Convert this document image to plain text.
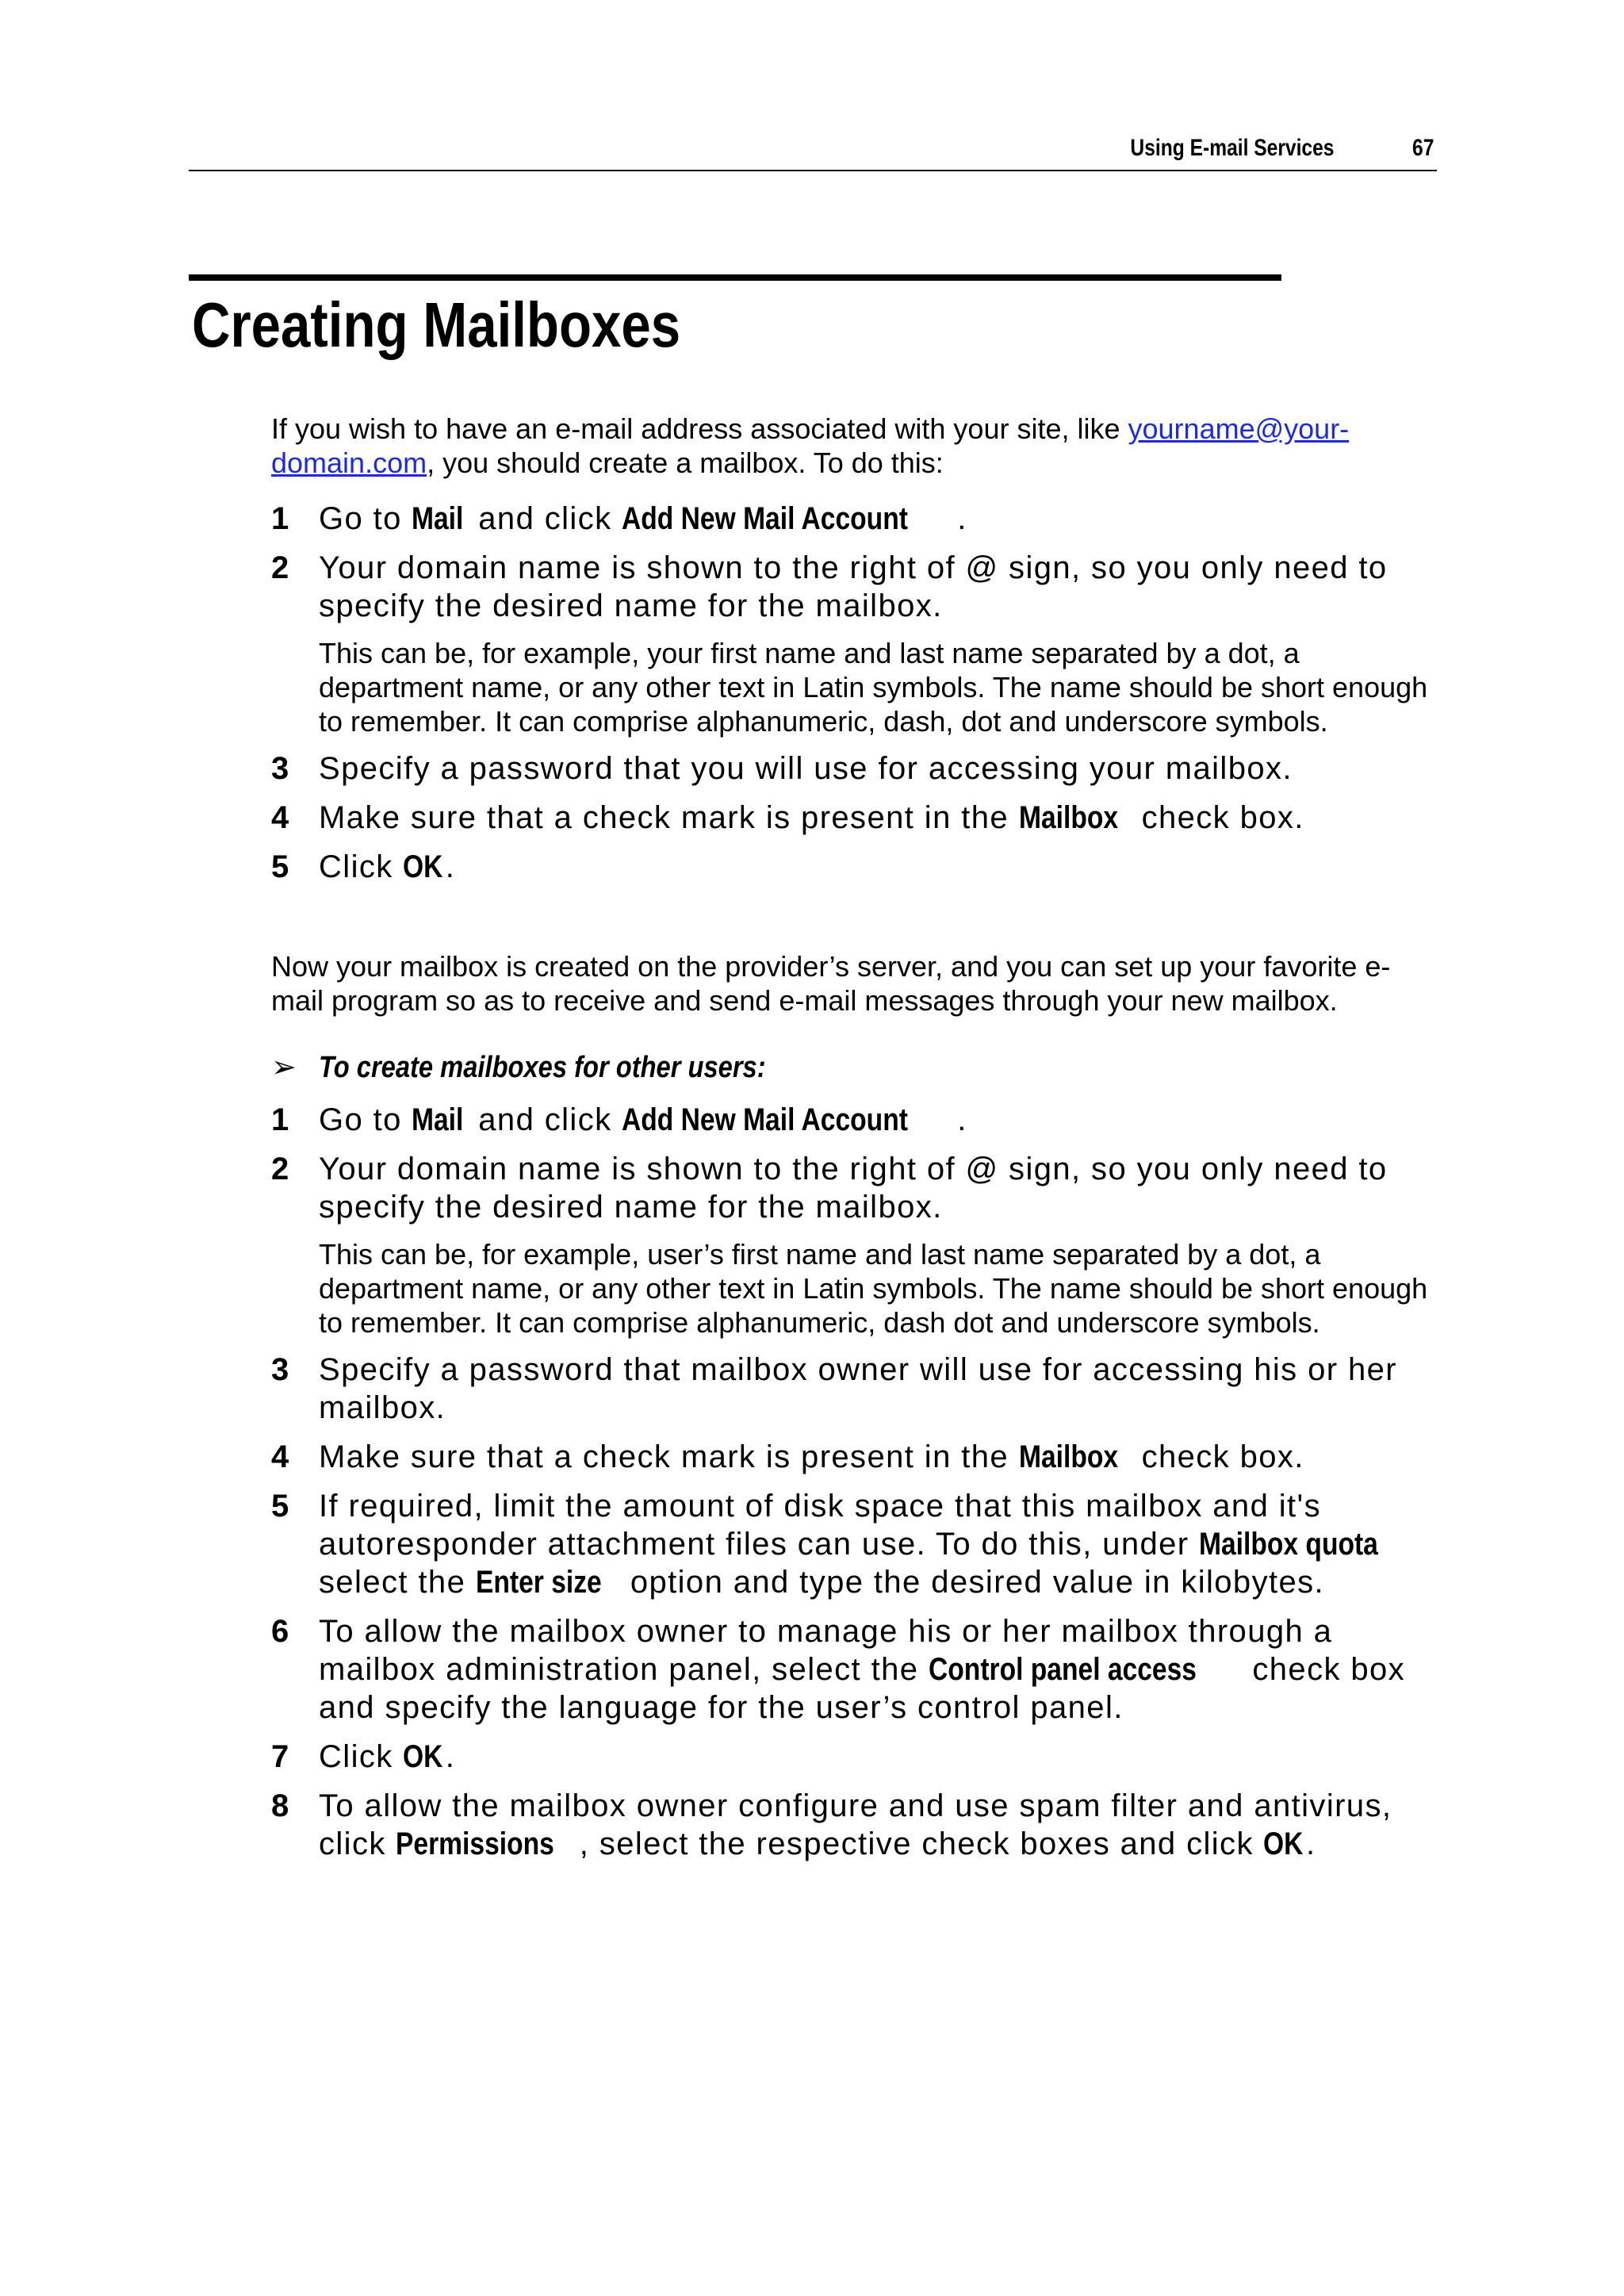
Using E-mail Services	67
Creating Mailboxes

If you wish to have an e-mail address associated with your site, like yourname@your-domain.com, you should create a mailbox. To do this:

1 Go to Mail and click Add New Mail Account .
2 Your domain name is shown to the right of @ sign, so you only need to specify the desired name for the mailbox.
This can be, for example, your first name and last name separated by a dot, a department name, or any other text in Latin symbols. The name should be short enough to remember. It can comprise alphanumeric, dash, dot and underscore symbols.
3 Specify a password that you will use for accessing your mailbox.
4 Make sure that a check mark is present in the Mailbox check box.
5 Click OK.

Now your mailbox is created on the provider’s server, and you can set up your favorite e-mail program so as to receive and send e-mail messages through your new mailbox.

➢ To create mailboxes for other users:
1 Go to Mail and click Add New Mail Account .
2 Your domain name is shown to the right of @ sign, so you only need to specify the desired name for the mailbox.
This can be, for example, user’s first name and last name separated by a dot, a department name, or any other text in Latin symbols. The name should be short enough to remember. It can comprise alphanumeric, dash dot and underscore symbols.
3 Specify a password that mailbox owner will use for accessing his or her mailbox.
4 Make sure that a check mark is present in the Mailbox check box.
5 If required, limit the amount of disk space that this mailbox and it's autoresponder attachment files can use. To do this, under Mailbox quota select the Enter size option and type the desired value in kilobytes.
6 To allow the mailbox owner to manage his or her mailbox through a mailbox administration panel, select the Control panel access check box and specify the language for the user’s control panel.
7 Click OK.
8 To allow the mailbox owner configure and use spam filter and antivirus, click Permissions , select the respective check boxes and click OK.
